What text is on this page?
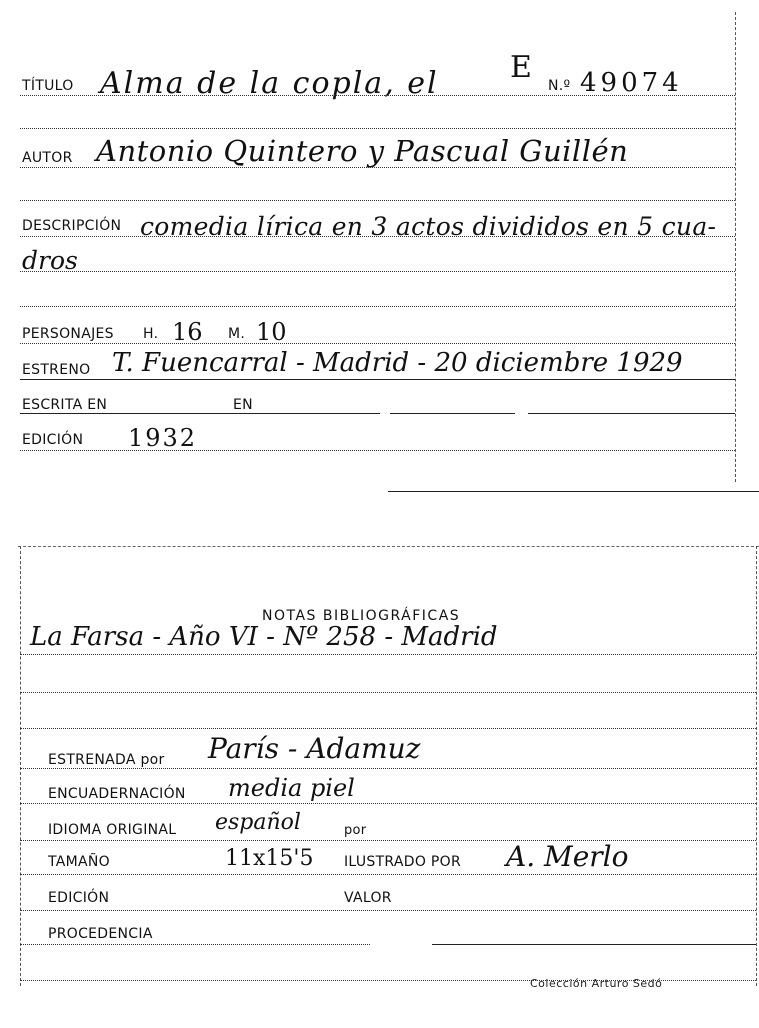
TÍTULO Alma de la copla, el E
N.º 49074
AUTOR Antonio Quintero y Pascual Guillén
DESCRIPCIÓN comedia lírica en 3 actos divididos en 5 cua-
dros
PERSONAJES H. 16 M. 10
ESTRENO T. Fuencarral - Madrid - 20 diciembre 1929
ESCRITA EN	EN
EDICIÓN 1932
NOTAS BIBLIOGRÁFICAS
La Farsa - Año VI - Nº 258 - Madrid
ESTRENADA por París - Adamuz
ENCUADERNACIÓN media piel
IDIOMA ORIGINAL español	por
TAMAÑO	11x15'5 ILUSTRADO POR A. Merlo
EDICIÓN	VALOR
PROCEDENCIA
Colección Arturo Sedó
